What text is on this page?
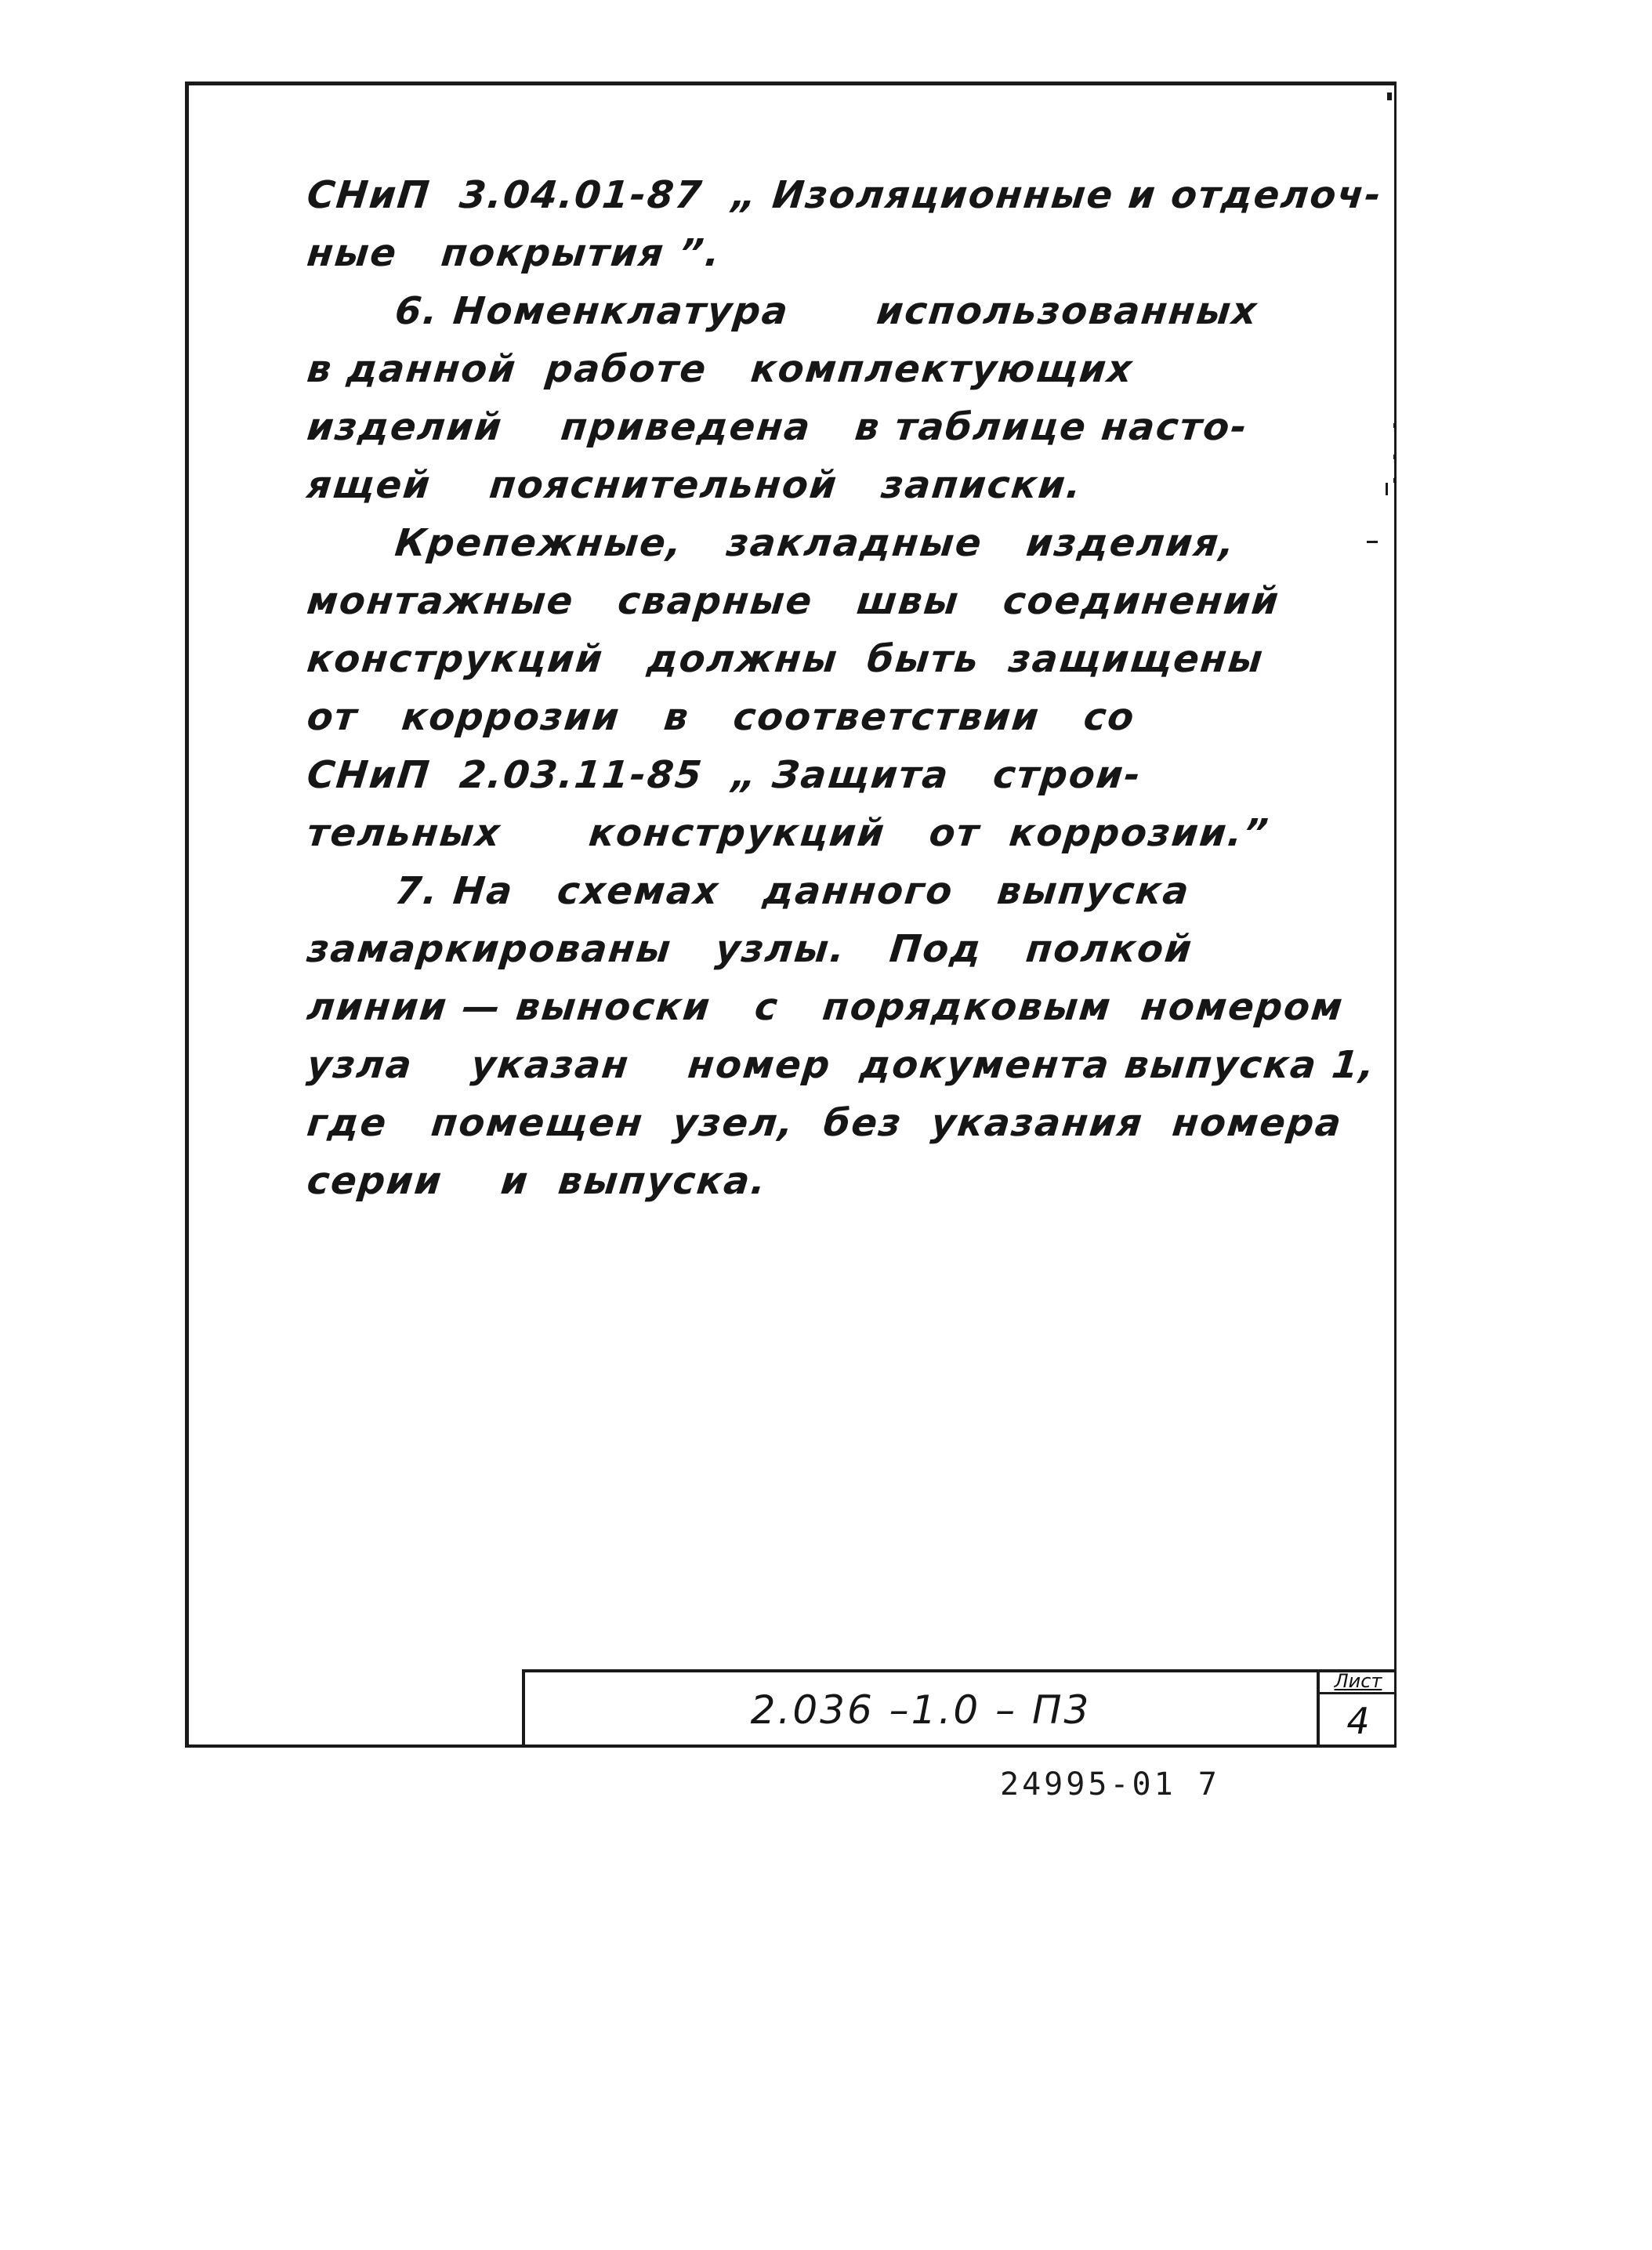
СНиП  3.04.01-87  „ Изоляционные и отделоч-
ные   покрытия ”.
6. Номенклатура      использованных
в данной  работе   комплектующих
изделий    приведена   в таблице насто-
ящей    пояснительной   записки.
Крепежные,   закладные   изделия,
монтажные   сварные   швы   соединений
конструкций   должны  быть  защищены
от   коррозии   в   соответствии   со
СНиП  2.03.11-85  „ Защита   строи-
тельных      конструкций   от  коррозии.”
7. На   схемах   данного   выпуска
замаркированы   узлы.   Под   полкой
линии — выноски   с   порядковым  номером
узла    указан    номер  документа выпуска 1,
где   помещен  узел,  без  указания  номера
серии    и  выпуска.
2.036 –1.0 – П3
Лист
4
24995-01 7
